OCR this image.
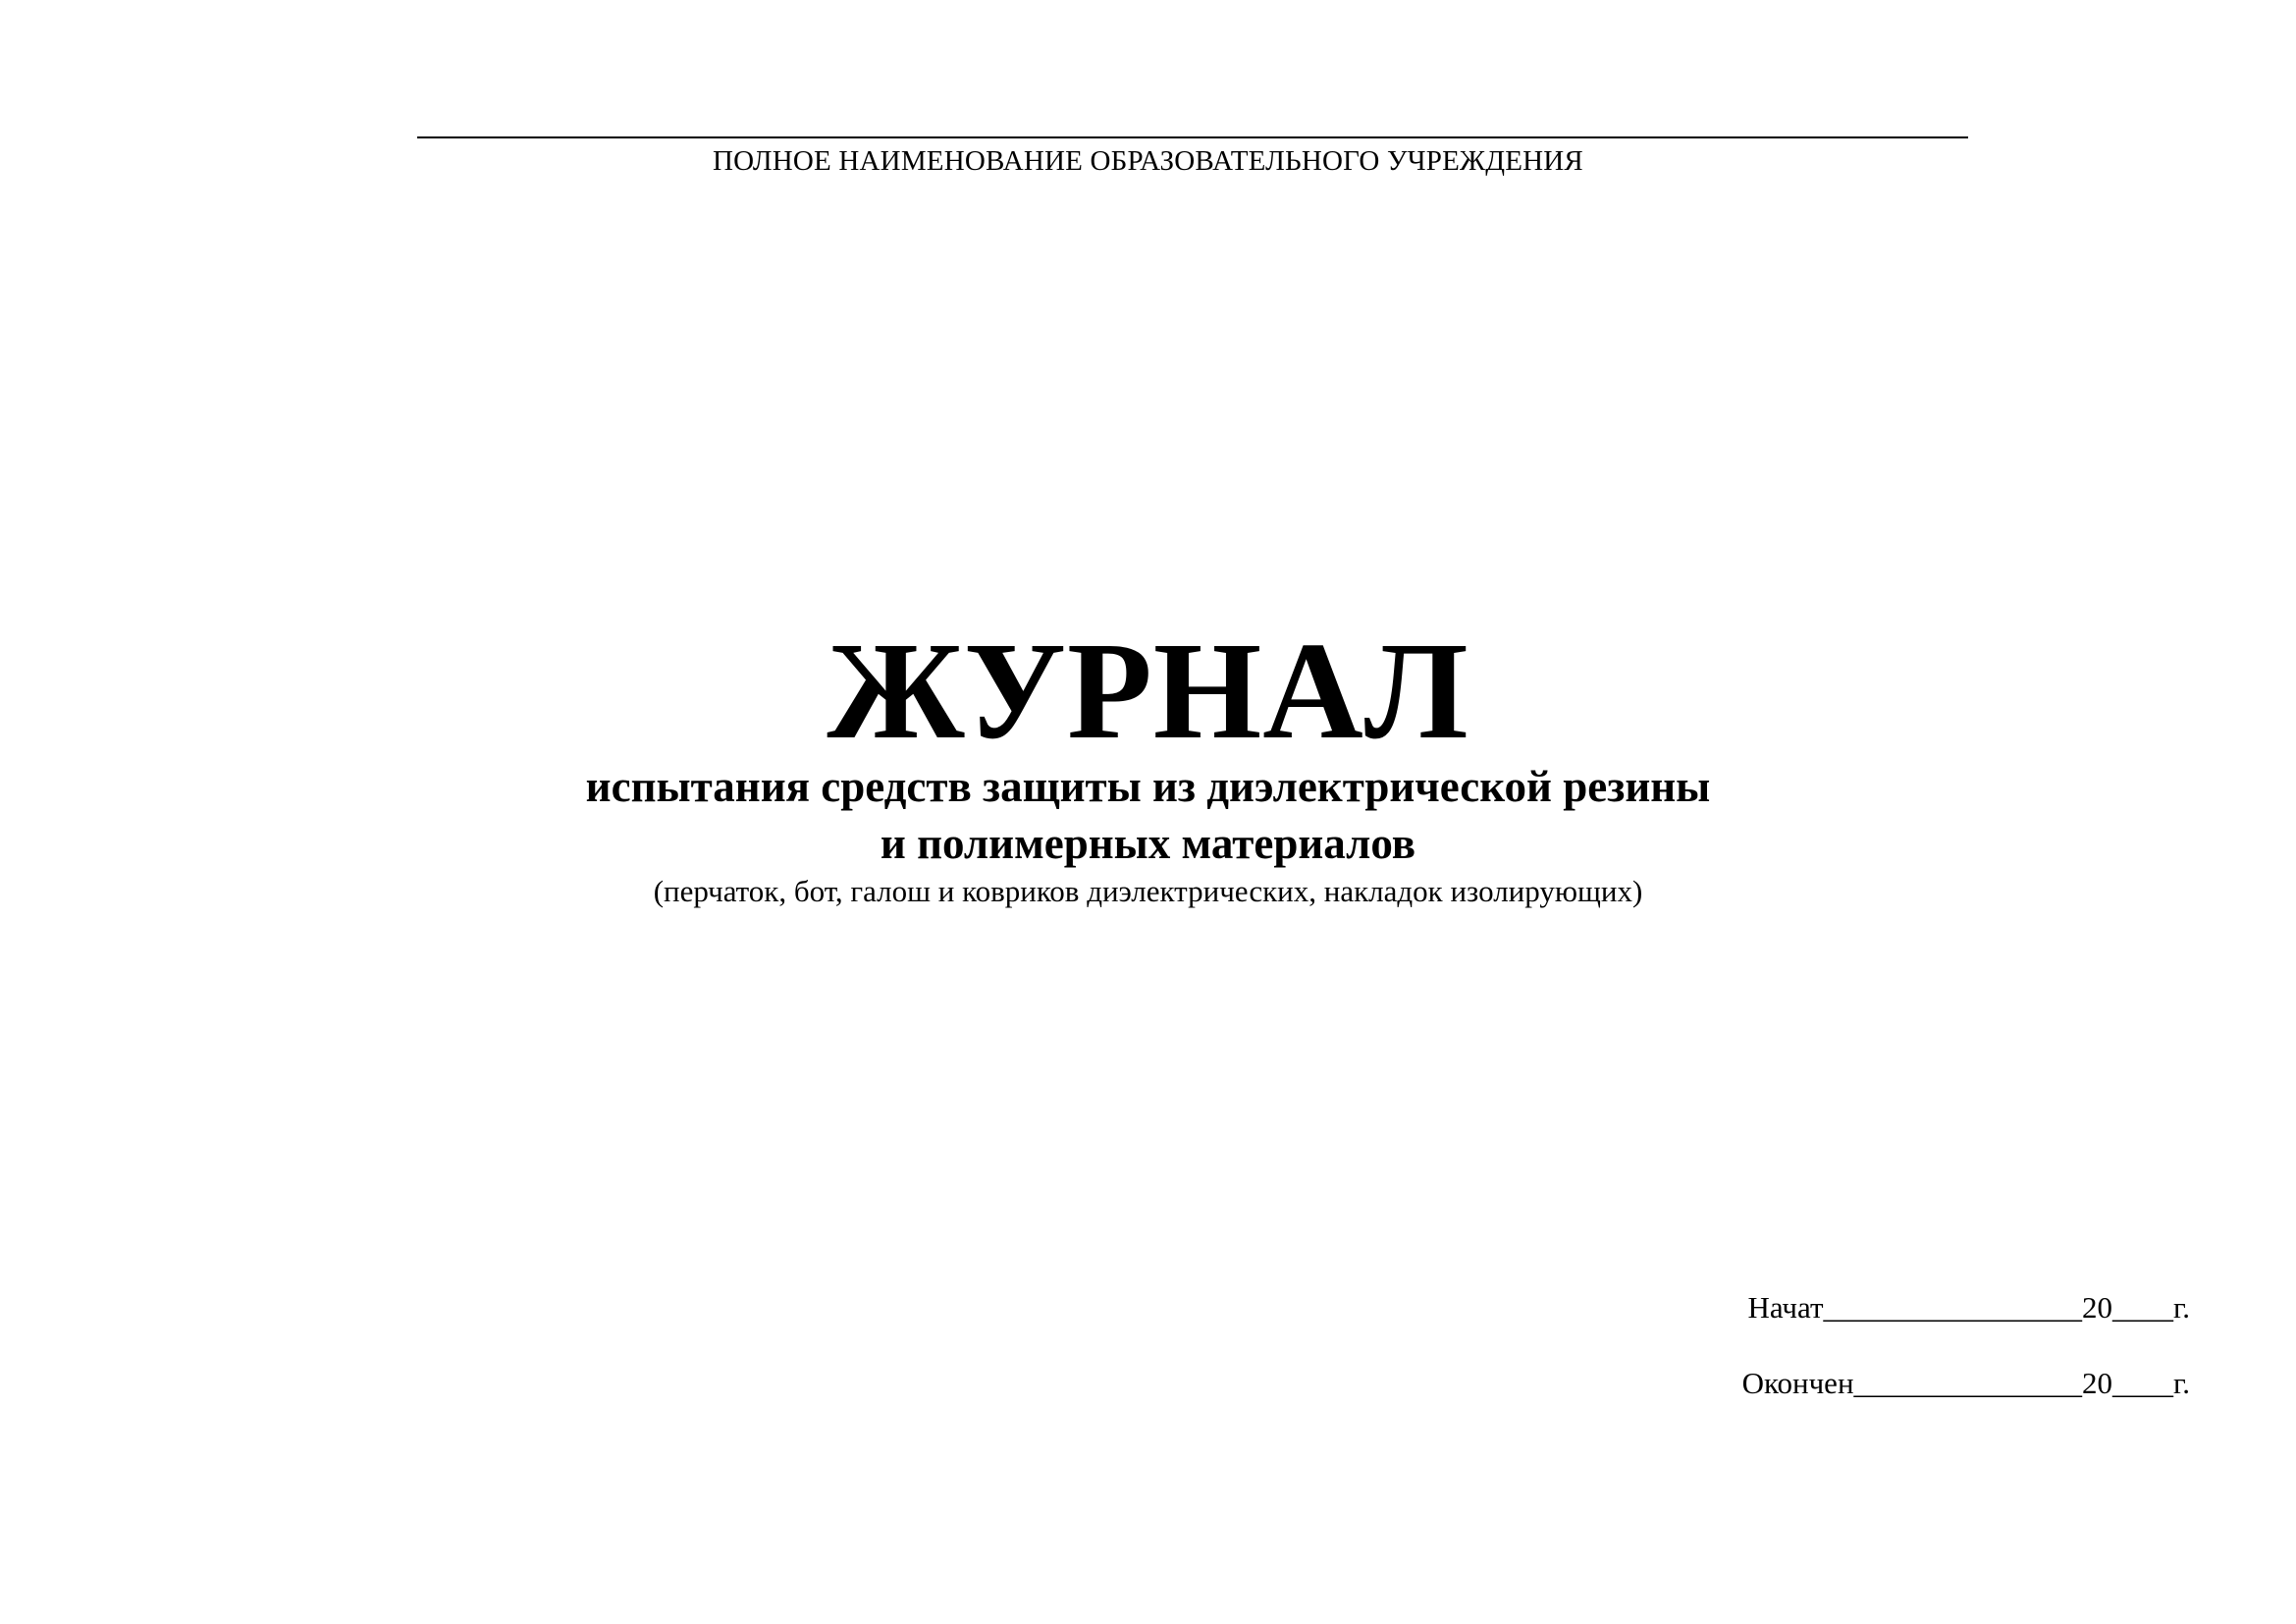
ПОЛНОЕ НАИМЕНОВАНИЕ ОБРАЗОВАТЕЛЬНОГО УЧРЕЖДЕНИЯ
ЖУРНАЛ
испытания средств защиты из диэлектрической резины
и полимерных материалов
(перчаток, бот, галош и ковриков диэлектрических, накладок изолирующих)
Начат_________________20____г.
Окончен_______________20____г.
